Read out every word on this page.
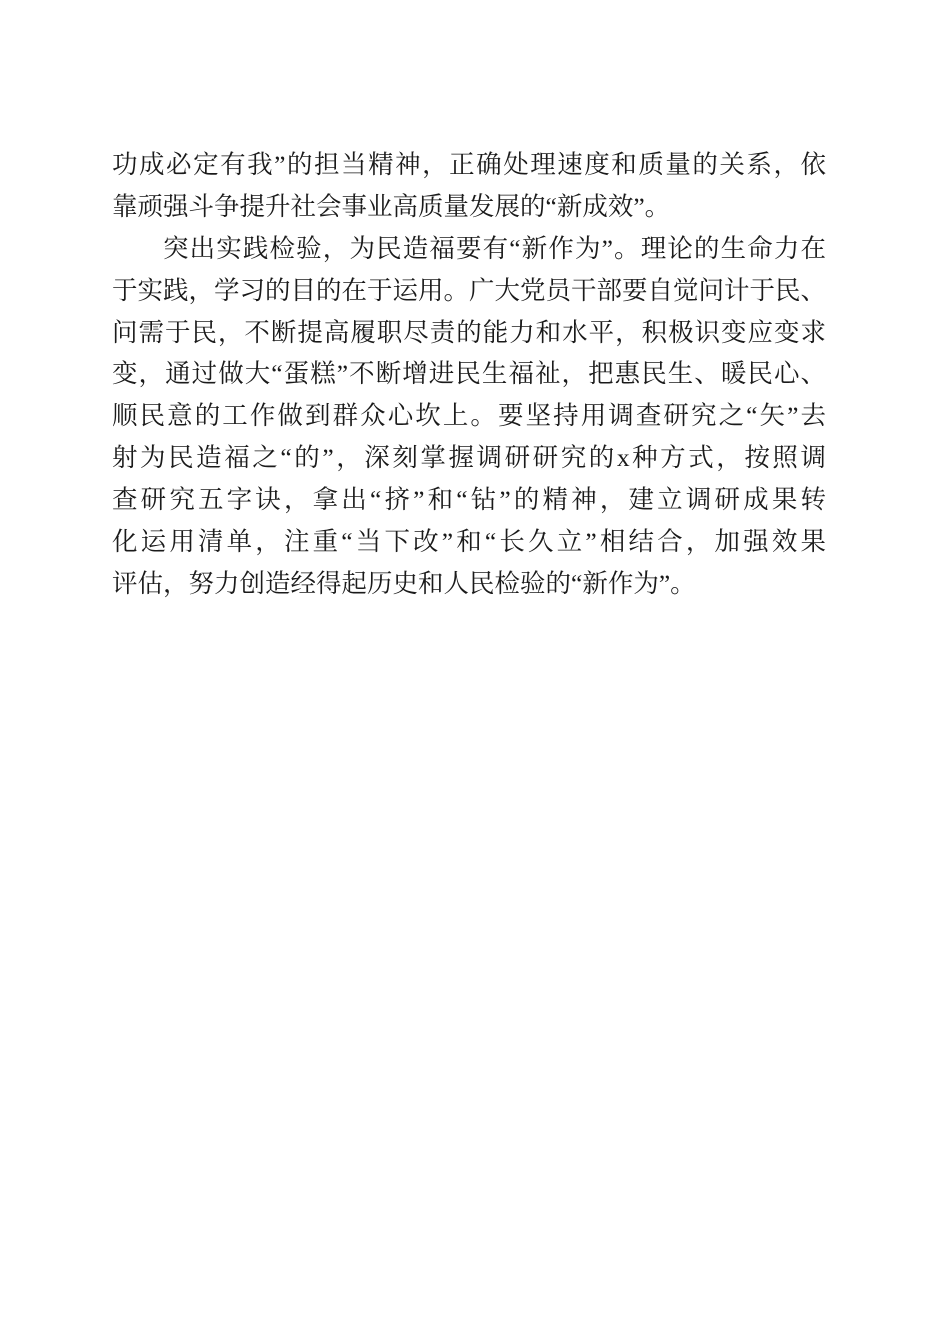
功成必定有我”的担当精神，正确处理速度和质量的关系，依
靠顽强斗争提升社会事业高质量发展的“新成效”。
突出实践检验，为民造福要有“新作为”。理论的生命力在
于实践，学习的目的在于运用。广大党员干部要自觉问计于民、
问需于民，不断提高履职尽责的能力和水平，积极识变应变求
变，通过做大“蛋糕”不断增进民生福祉，把惠民生、暖民心、
顺民意的工作做到群众心坎上。要坚持用调查研究之“矢”去
射为民造福之“的”，深刻掌握调研研究的x种方式，按照调
查研究五字诀，拿出“挤”和“钻”的精神，建立调研成果转
化运用清单，注重“当下改”和“长久立”相结合，加强效果
评估，努力创造经得起历史和人民检验的“新作为”。
